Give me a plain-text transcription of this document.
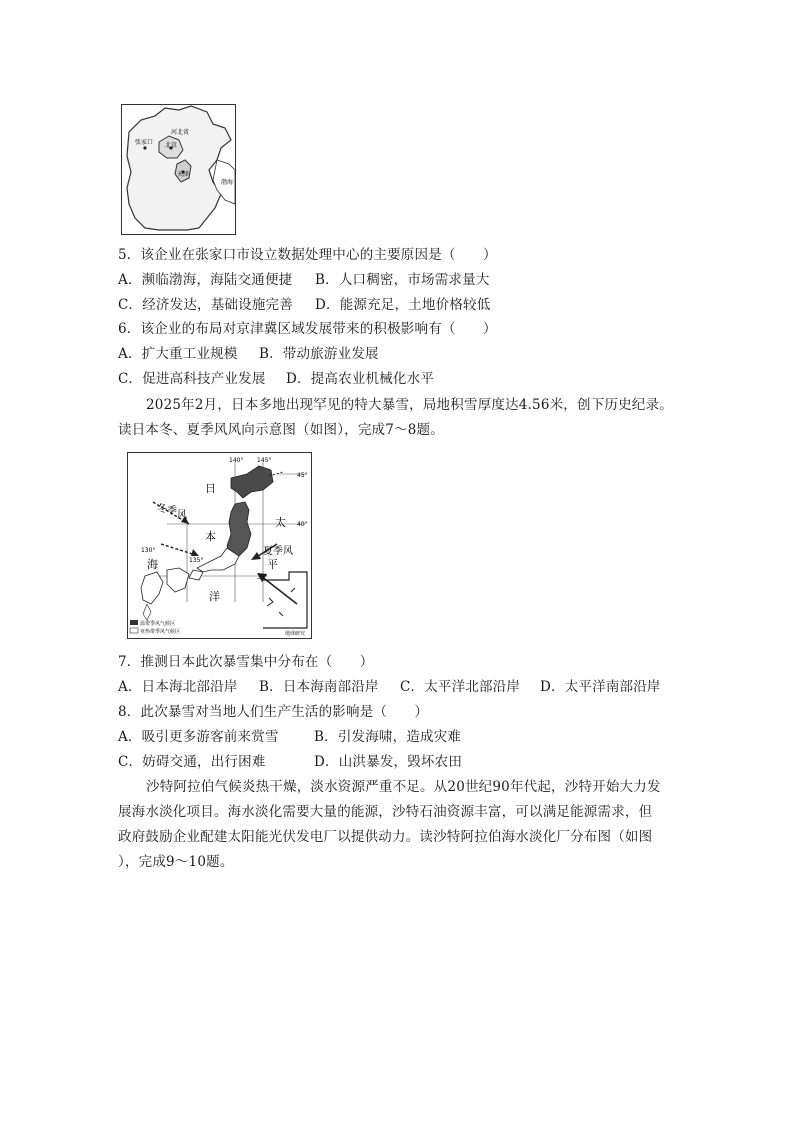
张家口
河北省
北京
天津
渤海
5．该企业在张家口市设立数据处理中心的主要原因是（　　）
A．濒临渤海，海陆交通便捷 B．人口稠密，市场需求量大
C．经济发达，基础设施完善 D．能源充足，土地价格较低
6．该企业的布局对京津冀区域发展带来的积极影响有（　　）
A．扩大重工业规模 B．带动旅游业发展
C．促进高科技产业发展 D．提高农业机械化水平
2025年2月，日本多地出现罕见的特大暴雪，局地积雪厚度达4.56米，创下历史纪录。
读日本冬、夏季风风向示意图（如图），完成7～8题。
140° 145°
135°
130°
45°
40°
35°
日
本
海
太
平
洋
冬 季 风
夏季风
温带季风气候区
亚热带季风气候区	地球研究
7．推测日本此次暴雪集中分布在（　　）
A．日本海北部沿岸 B．日本海南部沿岸 C．太平洋北部沿岸 D．太平洋南部沿岸
8．此次暴雪对当地人们生产生活的影响是（　　）
A．吸引更多游客前来赏雪	B．引发海啸，造成灾难
C．妨碍交通，出行困难	D．山洪暴发，毁坏农田
沙特阿拉伯气候炎热干燥，淡水资源严重不足。从20世纪90年代起，沙特开始大力发
展海水淡化项目。海水淡化需要大量的能源，沙特石油资源丰富，可以满足能源需求，但
政府鼓励企业配建太阳能光伏发电厂以提供动力。读沙特阿拉伯海水淡化厂分布图（如图
），完成9～10题。
